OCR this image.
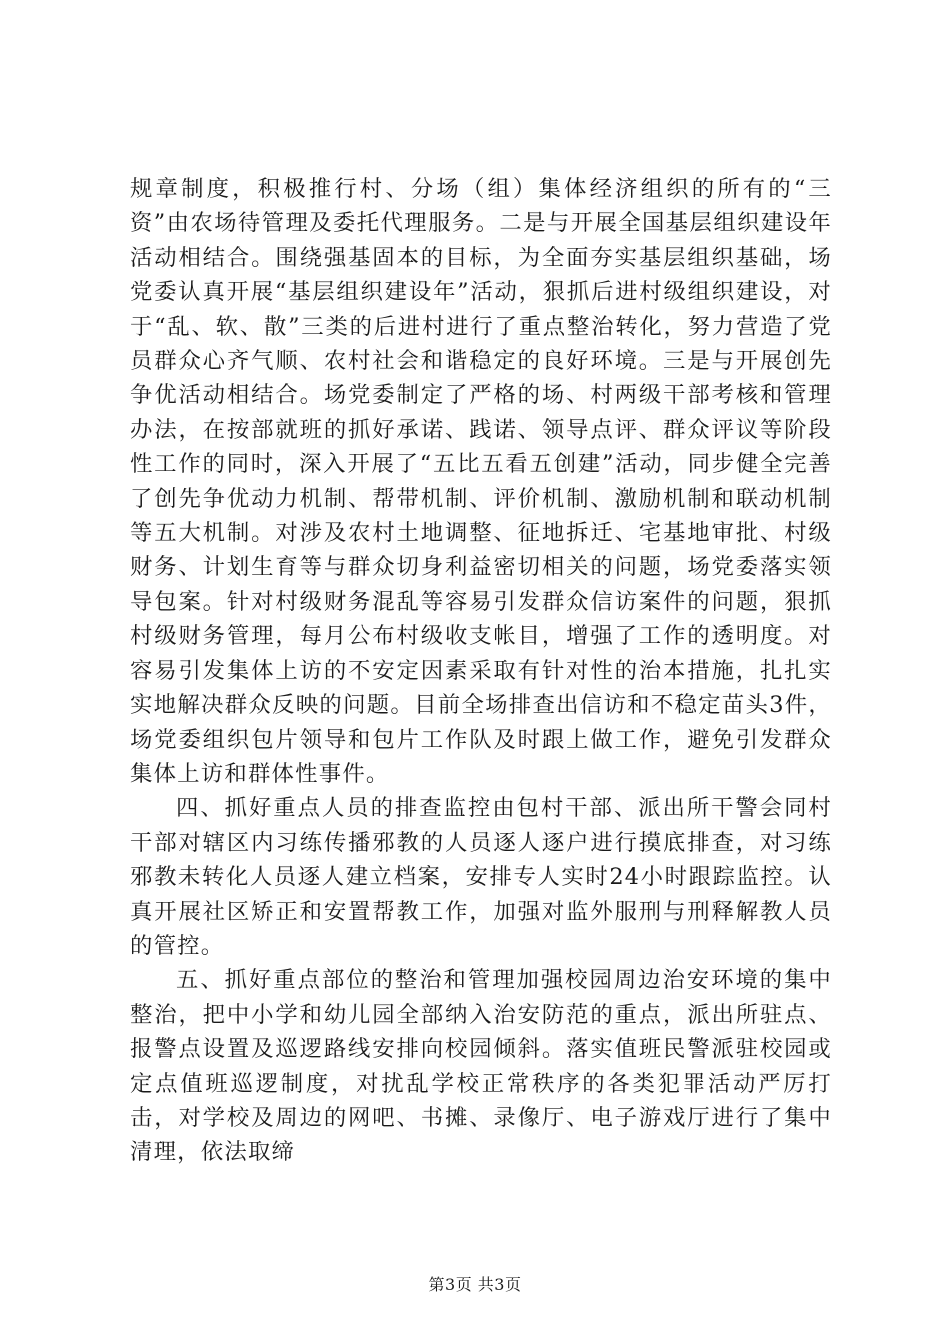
规章制度，积极推行村、分场（组）集体经济组织的所有的“三资”由农场待管理及委托代理服务。二是与开展全国基层组织建设年活动相结合。围绕强基固本的目标，为全面夯实基层组织基础，场党委认真开展“基层组织建设年”活动，狠抓后进村级组织建设，对于“乱、软、散”三类的后进村进行了重点整治转化，努力营造了党员群众心齐气顺、农村社会和谐稳定的良好环境。三是与开展创先争优活动相结合。场党委制定了严格的场、村两级干部考核和管理办法，在按部就班的抓好承诺、践诺、领导点评、群众评议等阶段性工作的同时，深入开展了“五比五看五创建”活动，同步健全完善了创先争优动力机制、帮带机制、评价机制、激励机制和联动机制等五大机制。对涉及农村土地调整、征地拆迁、宅基地审批、村级财务、计划生育等与群众切身利益密切相关的问题，场党委落实领导包案。针对村级财务混乱等容易引发群众信访案件的问题，狠抓村级财务管理，每月公布村级收支帐目，增强了工作的透明度。对容易引发集体上访的不安定因素采取有针对性的治本措施，扎扎实实地解决群众反映的问题。目前全场排查出信访和不稳定苗头3件，场党委组织包片领导和包片工作队及时跟上做工作，避免引发群众集体上访和群体性事件。

四、抓好重点人员的排查监控由包村干部、派出所干警会同村干部对辖区内习练传播邪教的人员逐人逐户进行摸底排查，对习练邪教未转化人员逐人建立档案，安排专人实时24小时跟踪监控。认真开展社区矫正和安置帮教工作，加强对监外服刑与刑释解教人员的管控。

五、抓好重点部位的整治和管理加强校园周边治安环境的集中整治，把中小学和幼儿园全部纳入治安防范的重点，派出所驻点、报警点设置及巡逻路线安排向校园倾斜。落实值班民警派驻校园或定点值班巡逻制度，对扰乱学校正常秩序的各类犯罪活动严厉打击，对学校及周边的网吧、书摊、录像厅、电子游戏厅进行了集中清理，依法取缔

第3页 共3页
